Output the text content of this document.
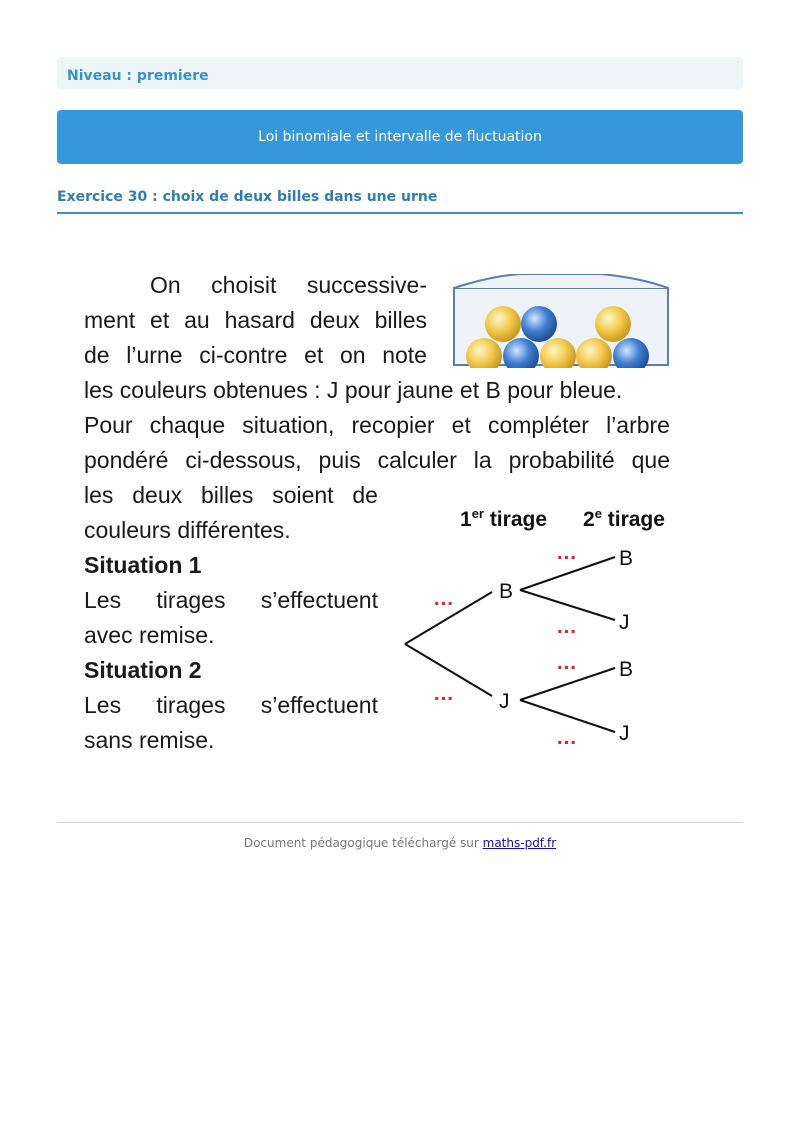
Niveau : premiere
Loi binomiale et intervalle de fluctuation
Exercice 30 : choix de deux billes dans une urne
On choisit successive-
ment et au hasard deux billes
de l’urne ci-contre et on note
les couleurs obtenues : J pour jaune et B pour bleue.
Pour chaque situation, recopier et compléter l’arbre
pondéré ci-dessous, puis calculer la probabilité que
les deux billes soient de
couleurs différentes.
Situation 1
Les tirages s’effectuent
avec remise.
Situation 2
Les tirages s’effectuent
sans remise.
1er tirage 2e tirage
B
J
B
J
B
J
…
…
…
…
…
…
Document pédagogique téléchargé sur maths-pdf.fr
